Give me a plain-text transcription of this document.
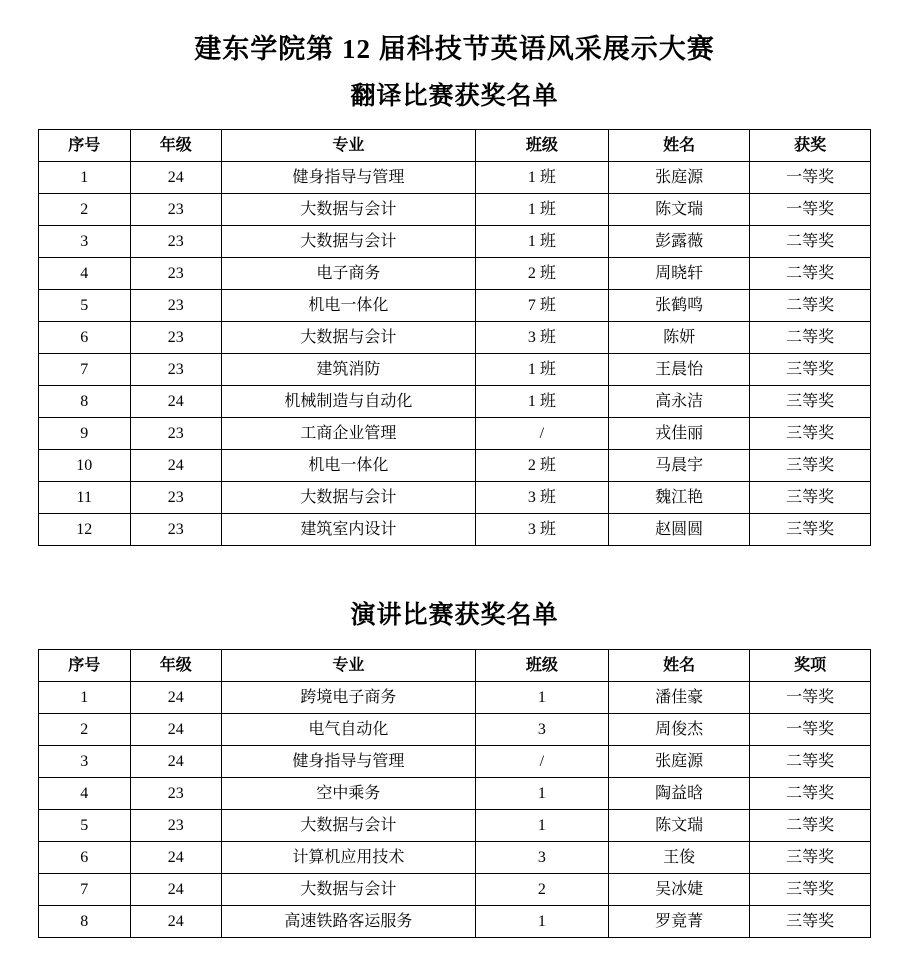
建东学院第 12 届科技节英语风采展示大赛
翻译比赛获奖名单
序号	年级	专业	班级	姓名	获奖
1	24	健身指导与管理	1 班	张庭源	一等奖
2	23	大数据与会计	1 班	陈文瑞	一等奖
3	23	大数据与会计	1 班	彭露薇	二等奖
4	23	电子商务	2 班	周晓轩	二等奖
5	23	机电一体化	7 班	张鹤鸣	二等奖
6	23	大数据与会计	3 班	陈妍	二等奖
7	23	建筑消防	1 班	王晨怡	三等奖
8	24	机械制造与自动化	1 班	高永洁	三等奖
9	23	工商企业管理	/	戎佳丽	三等奖
10	24	机电一体化	2 班	马晨宇	三等奖
11	23	大数据与会计	3 班	魏江艳	三等奖
12	23	建筑室内设计	3 班	赵圆圆	三等奖
演讲比赛获奖名单
序号	年级	专业	班级	姓名	奖项
1	24	跨境电子商务	1	潘佳豪	一等奖
2	24	电气自动化	3	周俊杰	一等奖
3	24	健身指导与管理	/	张庭源	二等奖
4	23	空中乘务	1	陶益晗	二等奖
5	23	大数据与会计	1	陈文瑞	二等奖
6	24	计算机应用技术	3	王俊	三等奖
7	24	大数据与会计	2	吴冰婕	三等奖
8	24	高速铁路客运服务	1	罗竟菁	三等奖
